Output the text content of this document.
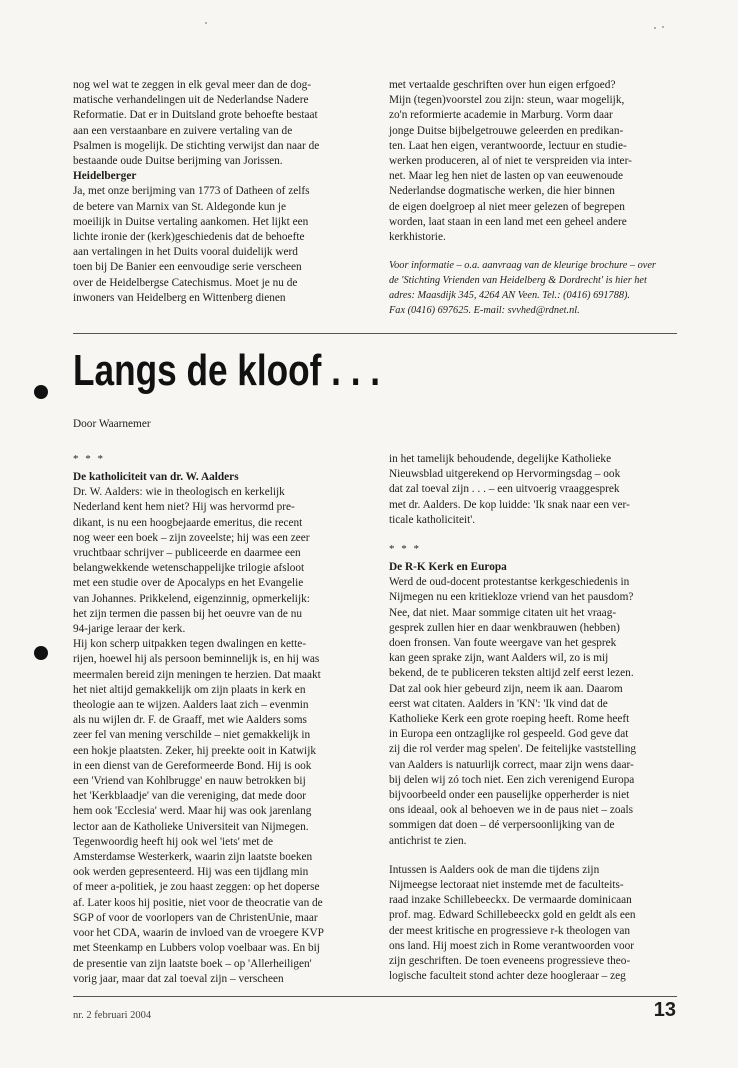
nog wel wat te zeggen in elk geval meer dan de dog-
matische verhandelingen uit de Nederlandse Nadere
Reformatie. Dat er in Duitsland grote behoefte bestaat
aan een verstaanbare en zuivere vertaling van de
Psalmen is mogelijk. De stichting verwijst dan naar de
bestaande oude Duitse berijming van Jorissen.

Heidelberger

Ja, met onze berijming van 1773 of Datheen of zelfs
de betere van Marnix van St. Aldegonde kun je
moeilijk in Duitse vertaling aankomen. Het lijkt een
lichte ironie der (kerk)geschiedenis dat de behoefte
aan vertalingen in het Duits vooral duidelijk werd
toen bij De Banier een eenvoudige serie verscheen
over de Heidelbergse Catechismus. Moet je nu de
inwoners van Heidelberg en Wittenberg dienen

met vertaalde geschriften over hun eigen erfgoed?
Mijn (tegen)voorstel zou zijn: steun, waar mogelijk,
zo'n reformierte academie in Marburg. Vorm daar
jonge Duitse bijbelgetrouwe geleerden en predikan-
ten. Laat hen eigen, verantwoorde, lectuur en studie-
werken produceren, al of niet te verspreiden via inter-
net. Maar leg hen niet de lasten op van eeuwenoude
Nederlandse dogmatische werken, die hier binnen
de eigen doelgroep al niet meer gelezen of begrepen
worden, laat staan in een land met een geheel andere
kerkhistorie.

Voor informatie – o.a. aanvraag van de kleurige brochure – over
de 'Stichting Vrienden van Heidelberg & Dordrecht' is hier het
adres: Maasdijk 345, 4264 AN Veen. Tel.: (0416) 691788).
Fax (0416) 697625. E-mail: svvhed@rdnet.nl.

Langs de kloof . . .
Door Waarnemer

* * *

De katholiciteit van dr. W. Aalders

Dr. W. Aalders: wie in theologisch en kerkelijk
Nederland kent hem niet? Hij was hervormd pre-
dikant, is nu een hoogbejaarde emeritus, die recent
nog weer een boek – zijn zoveelste; hij was een zeer
vruchtbaar schrijver – publiceerde en daarmee een
belangwekkende wetenschappelijke trilogie afsloot
met een studie over de Apocalyps en het Evangelie
van Johannes. Prikkelend, eigenzinnig, opmerkelijk:
het zijn termen die passen bij het oeuvre van de nu
94-jarige leraar der kerk.

Hij kon scherp uitpakken tegen dwalingen en kette-
rijen, hoewel hij als persoon beminnelijk is, en hij was
meermalen bereid zijn meningen te herzien. Dat maakt
het niet altijd gemakkelijk om zijn plaats in kerk en
theologie aan te wijzen. Aalders laat zich – evenmin
als nu wijlen dr. F. de Graaff, met wie Aalders soms
zeer fel van mening verschilde – niet gemakkelijk in
een hokje plaatsten. Zeker, hij preekte ooit in Katwijk
in een dienst van de Gereformeerde Bond. Hij is ook
een 'Vriend van Kohlbrugge' en nauw betrokken bij
het 'Kerkblaadje' van die vereniging, dat mede door
hem ook 'Ecclesia' werd. Maar hij was ook jarenlang
lector aan de Katholieke Universiteit van Nijmegen.

Tegenwoordig heeft hij ook wel 'iets' met de
Amsterdamse Westerkerk, waarin zijn laatste boeken
ook werden gepresenteerd. Hij was een tijdlang min
of meer a-politiek, je zou haast zeggen: op het doperse
af. Later koos hij positie, niet voor de theocratie van de
SGP of voor de voorlopers van de ChristenUnie, maar
voor het CDA, waarin de invloed van de vroegere KVP
met Steenkamp en Lubbers volop voelbaar was. En bij
de presentie van zijn laatste boek – op 'Allerheiligen'
vorig jaar, maar dat zal toeval zijn – verscheen

in het tamelijk behoudende, degelijke Katholieke
Nieuwsblad uitgerekend op Hervormingsdag – ook
dat zal toeval zijn . . . – een uitvoerig vraaggesprek
met dr. Aalders. De kop luidde: 'Ik snak naar een ver-
ticale katholiciteit'.

* * *

De R-K Kerk en Europa

Werd de oud-docent protestantse kerkgeschiedenis in
Nijmegen nu een kritiekloze vriend van het pausdom?
Nee, dat niet. Maar sommige citaten uit het vraag-
gesprek zullen hier en daar wenkbrauwen (hebben)
doen fronsen. Van foute weergave van het gesprek
kan geen sprake zijn, want Aalders wil, zo is mij
bekend, de te publiceren teksten altijd zelf eerst lezen.
Dat zal ook hier gebeurd zijn, neem ik aan. Daarom
eerst wat citaten. Aalders in 'KN': 'Ik vind dat de
Katholieke Kerk een grote roeping heeft. Rome heeft
in Europa een ontzaglijke rol gespeeld. God geve dat
zij die rol verder mag spelen'. De feitelijke vaststelling
van Aalders is natuurlijk correct, maar zijn wens daar-
bij delen wij zó toch niet. Een zich verenigend Europa
bijvoorbeeld onder een pauselijke opperherder is niet
ons ideaal, ook al behoeven we in de paus niet – zoals
sommigen dat doen – dé verpersoonlijking van de
antichrist te zien.

Intussen is Aalders ook de man die tijdens zijn
Nijmeegse lectoraat niet instemde met de faculteits-
raad inzake Schillebeeckx. De vermaarde dominicaan
prof. mag. Edward Schillebeeckx gold en geldt als een
der meest kritische en progressieve r-k theologen van
ons land. Hij moest zich in Rome verantwoorden voor
zijn geschriften. De toen eveneens progressieve theo-
logische faculteit stond achter deze hoogleraar – zeg

nr. 2 februari 2004	13
